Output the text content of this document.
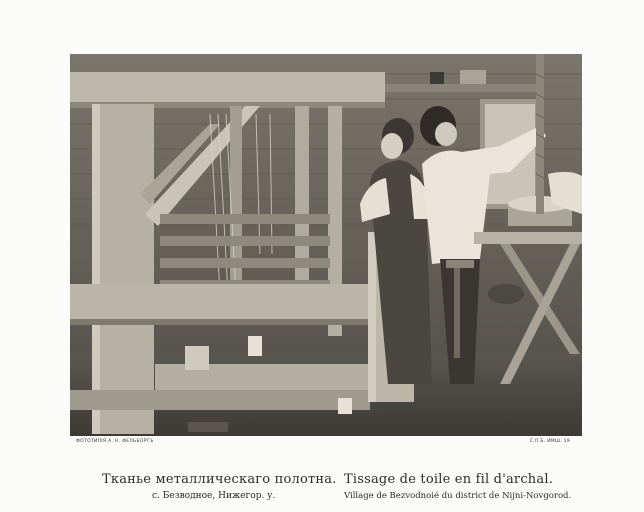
ФОТОТИПІЯ А. Н. ФЕЛЬБОРГЪ	С.П.Б. ИМШ. 19
Тканье металлическаго полотна.
с. Безводное, Нижегор. у.
Tissage de toile en fil d'archal.
Village de Bezvodnoié du district de Nijni-Novgorod.
